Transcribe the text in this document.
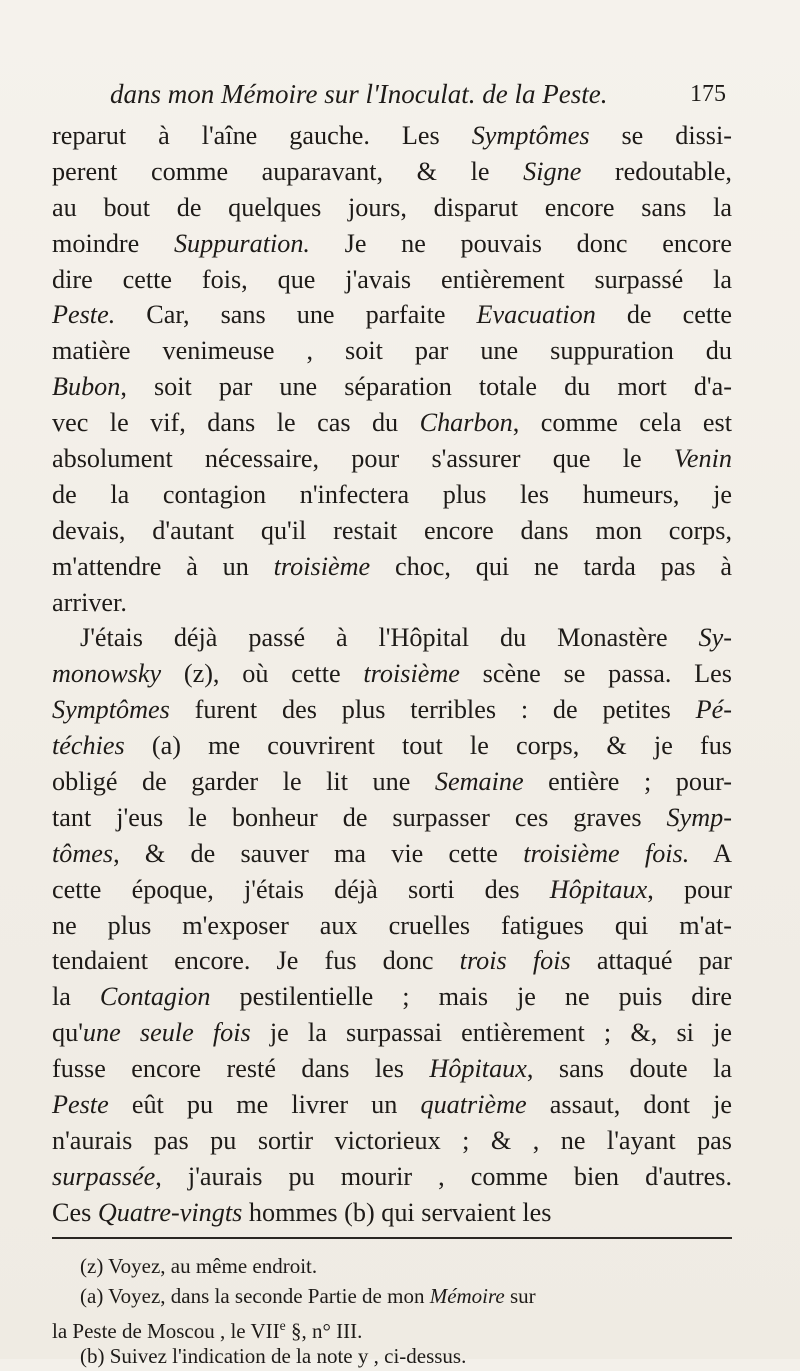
dans mon Mémoire sur l'Inoculat. de la Peste.	175
reparut à l'aîne gauche. Les Symptômes se dissi-
perent comme auparavant, & le Signe redoutable,
au bout de quelques jours, disparut encore sans la
moindre Suppuration. Je ne pouvais donc encore
dire cette fois, que j'avais entièrement surpassé la
Peste. Car, sans une parfaite Evacuation de cette
matière venimeuse , soit par une suppuration du
Bubon, soit par une séparation totale du mort d'a-
vec le vif, dans le cas du Charbon, comme cela est
absolument nécessaire, pour s'assurer que le Venin
de la contagion n'infectera plus les humeurs, je
devais, d'autant qu'il restait encore dans mon corps,
m'attendre à un troisième choc, qui ne tarda pas à
arriver.
J'étais déjà passé à l'Hôpital du Monastère Sy-
monowsky (z), où cette troisième scène se passa. Les
Symptômes furent des plus terribles : de petites Pé-
téchies (a) me couvrirent tout le corps, & je fus
obligé de garder le lit une Semaine entière ; pour-
tant j'eus le bonheur de surpasser ces graves Symp-
tômes, & de sauver ma vie cette troisième fois. A
cette époque, j'étais déjà sorti des Hôpitaux, pour
ne plus m'exposer aux cruelles fatigues qui m'at-
tendaient encore. Je fus donc trois fois attaqué par
la Contagion pestilentielle ; mais je ne puis dire
qu'une seule fois je la surpassai entièrement ; &, si je
fusse encore resté dans les Hôpitaux, sans doute la
Peste eût pu me livrer un quatrième assaut, dont je
n'aurais pas pu sortir victorieux ; & , ne l'ayant pas
surpassée, j'aurais pu mourir , comme bien d'autres.
Ces Quatre-vingts hommes (b) qui servaient les
(z) Voyez, au même endroit.
(a) Voyez, dans la seconde Partie de mon Mémoire sur
la Peste de Moscou , le VIIe §, n° III.
(b) Suivez l'indication de la note y , ci-dessus.
